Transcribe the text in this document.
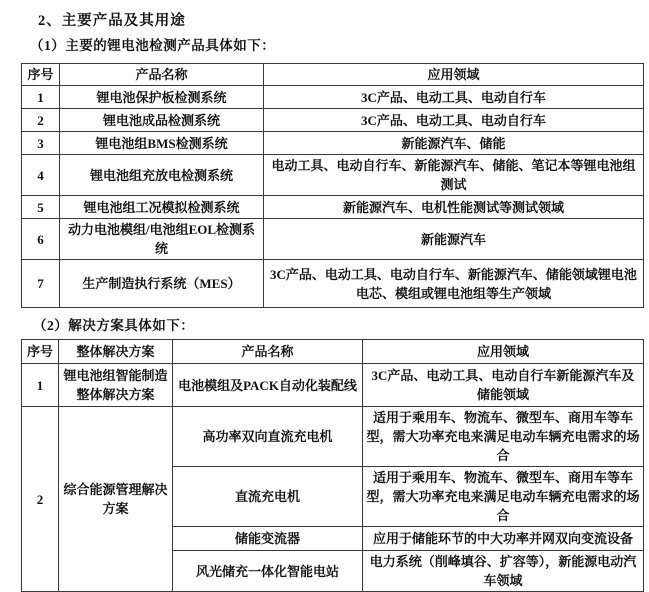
2、主要产品及其用途
（1）主要的锂电池检测产品具体如下：
序号	产品名称	应用领域
1	锂电池保护板检测系统	3C产品、电动工具、电动自行车
2	锂电池成品检测系统	3C产品、电动工具、电动自行车
3	锂电池组BMS检测系统	新能源汽车、储能
4	锂电池组充放电检测系统	电动工具、电动自行车、新能源汽车、储能、笔记本等锂电池组测试
5	锂电池组工况模拟检测系统	新能源汽车、电机性能测试等测试领域
6	动力电池模组/电池组EOL检测系统	新能源汽车
7	生产制造执行系统（MES）	3C产品、电动工具、电动自行车、新能源汽车、储能领域锂电池电芯、模组或锂电池组等生产领域
（2）解决方案具体如下：
序号	整体解决方案	产品名称	应用领域
1	锂电池组智能制造整体解决方案	电池模组及PACK自动化装配线	3C产品、电动工具、电动自行车新能源汽车及储能领域
2	综合能源管理解决方案	高功率双向直流充电机	适用于乘用车、物流车、微型车、商用车等车型，需大功率充电来满足电动车辆充电需求的场合
		直流充电机	适用于乘用车、物流车、微型车、商用车等车型，需大功率充电来满足电动车辆充电需求的场合
		储能变流器	应用于储能环节的中大功率并网双向变流设备
		风光储充一体化智能电站	电力系统（削峰填谷、扩容等），新能源电动汽车领域
